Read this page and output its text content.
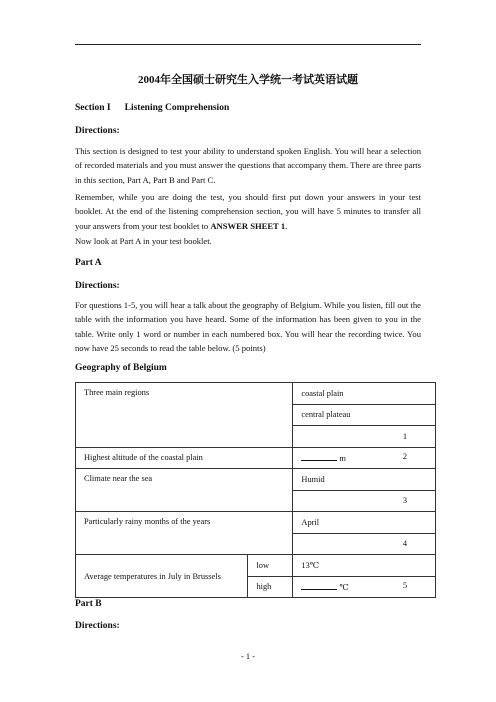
2004年全国硕士研究生入学统一考试英语试题
Section I Listening Comprehension
Directions:
This section is designed to test your ability to understand spoken English. You will hear a selection of recorded materials and you must answer the questions that accompany them. There are three parts in this section, Part A, Part B and Part C.
Remember, while you are doing the test, you should first put down your answers in your test booklet. At the end of the listening comprehension section, you will have 5 minutes to transfer all your answers from your test booklet to ANSWER SHEET 1.
Now look at Part A in your test booklet.
Part A
Directions:
For questions 1-5, you will hear a talk about the geography of Belgium. While you listen, fill out the table with the information you have heard. Some of the information has been given to you in the table. Write only 1 word or number in each numbered box. You will hear the recording twice. You now have 25 seconds to read the table below. (5 points)
Geography of Belgium
Three main regions		coastal plain
		central plateau
		1
Highest altitude of the coastal plain		m 2

Climate near the sea		Humid
		3
Particularly rainy months of the years		April
		4
Average temperatures in July in Brussels	low	13℃
	high	℃ 5
Part B
Directions:
- 1 -
